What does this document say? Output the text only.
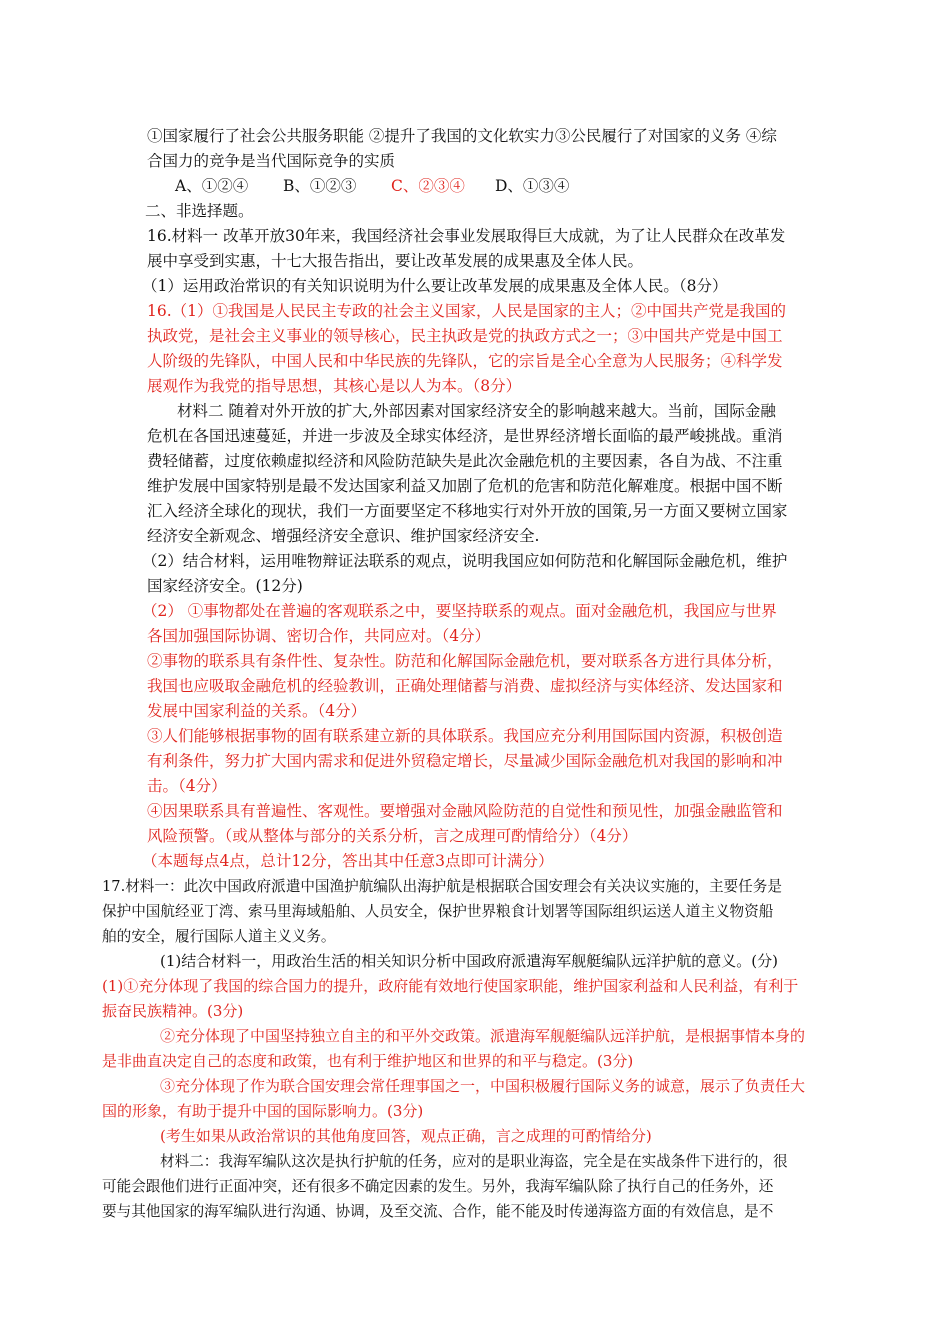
①国家履行了社会公共服务职能 ②提升了我国的文化软实力③公民履行了对国家的义务 ④综
合国力的竞争是当代国际竞争的实质
A、①②④ B、①②③ C、②③④ D、①③④
二、非选择题。
16.材料一 改革开放30年来，我国经济社会事业发展取得巨大成就，为了让人民群众在改革发
展中享受到实惠，十七大报告指出，要让改革发展的成果惠及全体人民。
（1）运用政治常识的有关知识说明为什么要让改革发展的成果惠及全体人民。（8分）
16.（1）①我国是人民民主专政的社会主义国家，人民是国家的主人；②中国共产党是我国的
执政党，是社会主义事业的领导核心，民主执政是党的执政方式之一；③中国共产党是中国工
人阶级的先锋队，中国人民和中华民族的先锋队，它的宗旨是全心全意为人民服务；④科学发
展观作为我党的指导思想，其核心是以人为本。（8分）
材料二 随着对外开放的扩大,外部因素对国家经济安全的影响越来越大。当前，国际金融
危机在各国迅速蔓延，并进一步波及全球实体经济，是世界经济增长面临的最严峻挑战。重消
费轻储蓄，过度依赖虚拟经济和风险防范缺失是此次金融危机的主要因素，各自为战、不注重
维护发展中国家特别是最不发达国家利益又加剧了危机的危害和防范化解难度。根据中国不断
汇入经济全球化的现状，我们一方面要坚定不移地实行对外开放的国策,另一方面又要树立国家
经济安全新观念、增强经济安全意识、维护国家经济安全.
（2）结合材料，运用唯物辩证法联系的观点，说明我国应如何防范和化解国际金融危机，维护
国家经济安全。(12分)
（2） ①事物都处在普遍的客观联系之中，要坚持联系的观点。面对金融危机，我国应与世界
各国加强国际协调、密切合作，共同应对。（4分）
②事物的联系具有条件性、复杂性。防范和化解国际金融危机，要对联系各方进行具体分析，
我国也应吸取金融危机的经验教训，正确处理储蓄与消费、虚拟经济与实体经济、发达国家和
发展中国家利益的关系。（4分）
③人们能够根据事物的固有联系建立新的具体联系。我国应充分利用国际国内资源，积极创造
有利条件，努力扩大国内需求和促进外贸稳定增长，尽量减少国际金融危机对我国的影响和冲
击。（4分）
④因果联系具有普遍性、客观性。要增强对金融风险防范的自觉性和预见性，加强金融监管和
风险预警。（或从整体与部分的关系分析，言之成理可酌情给分）（4分）
（本题每点4点，总计12分，答出其中任意3点即可计满分）
17.材料一：此次中国政府派遣中国渔护航编队出海护航是根据联合国安理会有关决议实施的，主要任务是
保护中国航经亚丁湾、索马里海域船舶、人员安全，保护世界粮食计划署等国际组织运送人道主义物资船
舶的安全，履行国际人道主义义务。
(1)结合材料一，用政治生活的相关知识分析中国政府派遣海军舰艇编队远洋护航的意义。(分)
(1)①充分体现了我国的综合国力的提升，政府能有效地行使国家职能，维护国家利益和人民利益，有利于
振奋民族精神。(3分)
②充分体现了中国坚持独立自主的和平外交政策。派遣海军舰艇编队远洋护航，是根据事情本身的
是非曲直决定自己的态度和政策，也有利于维护地区和世界的和平与稳定。(3分)
③充分体现了作为联合国安理会常任理事国之一，中国积极履行国际义务的诚意，展示了负责任大
国的形象，有助于提升中国的国际影响力。(3分)
(考生如果从政治常识的其他角度回答，观点正确，言之成理的可酌情给分)
材料二：我海军编队这次是执行护航的任务，应对的是职业海盗，完全是在实战条件下进行的，很
可能会跟他们进行正面冲突，还有很多不确定因素的发生。另外，我海军编队除了执行自己的任务外，还
要与其他国家的海军编队进行沟通、协调，及至交流、合作，能不能及时传递海盗方面的有效信息，是不
